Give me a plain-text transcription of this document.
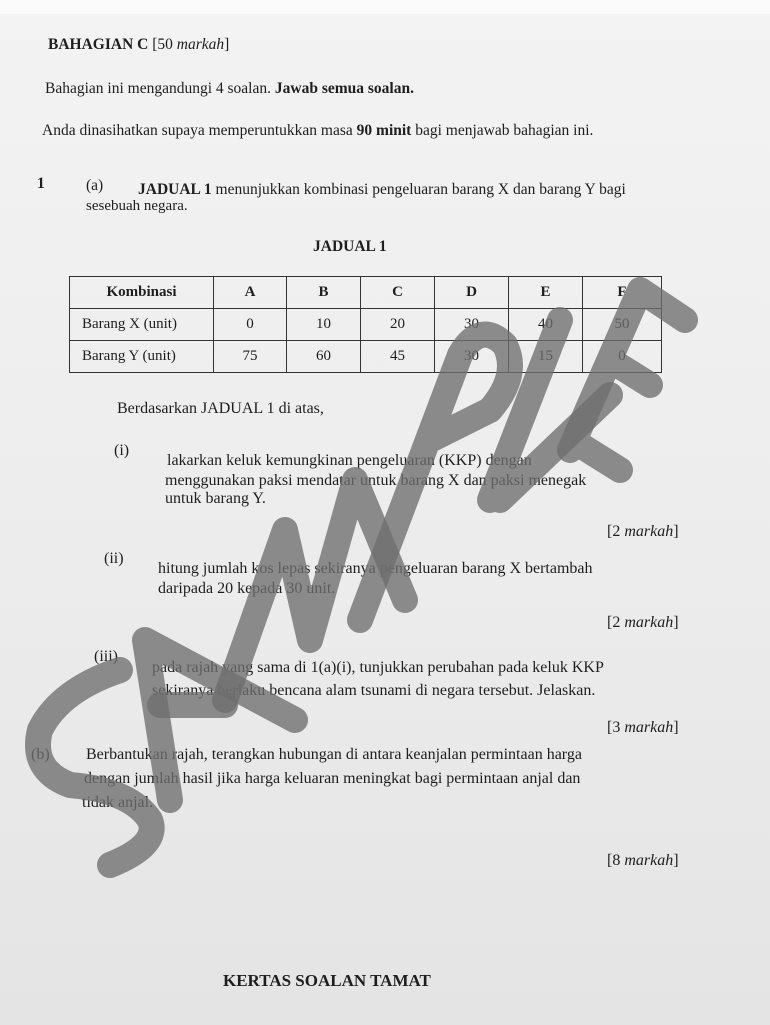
BAHAGIAN C [50 markah]
Bahagian ini mengandungi 4 soalan. Jawab semua soalan.
Anda dinasihatkan supaya memperuntukkan masa 90 minit bagi menjawab bahagian ini.
1	(a) JADUAL 1 menunjukkan kombinasi pengeluaran barang X dan barang Y bagi
sesebuah negara.
JADUAL 1
Kombinasi	A	B	C	D	E	F
Barang X (unit)	0	10	20	30	40	50
Barang Y (unit)	75	60	45	30	15	0
Berdasarkan JADUAL 1 di atas,
(i)
lakarkan keluk kemungkinan pengeluaran (KKP) dengan
menggunakan paksi mendatar untuk barang X dan paksi menegak
untuk barang Y.
[2 markah]
(ii)
hitung jumlah kos lepas sekiranya pengeluaran barang X bertambah
daripada 20 kepada 30 unit.
[2 markah]
(iii)
pada rajah yang sama di 1(a)(i), tunjukkan perubahan pada keluk KKP
sekiranya berlaku bencana alam tsunami di negara tersebut. Jelaskan.
[3 markah]
(b) Berbantukan rajah, terangkan hubungan di antara keanjalan permintaan harga
dengan jumlah hasil jika harga keluaran meningkat bagi permintaan anjal dan
tidak anjal.
[8 markah]
KERTAS SOALAN TAMAT
